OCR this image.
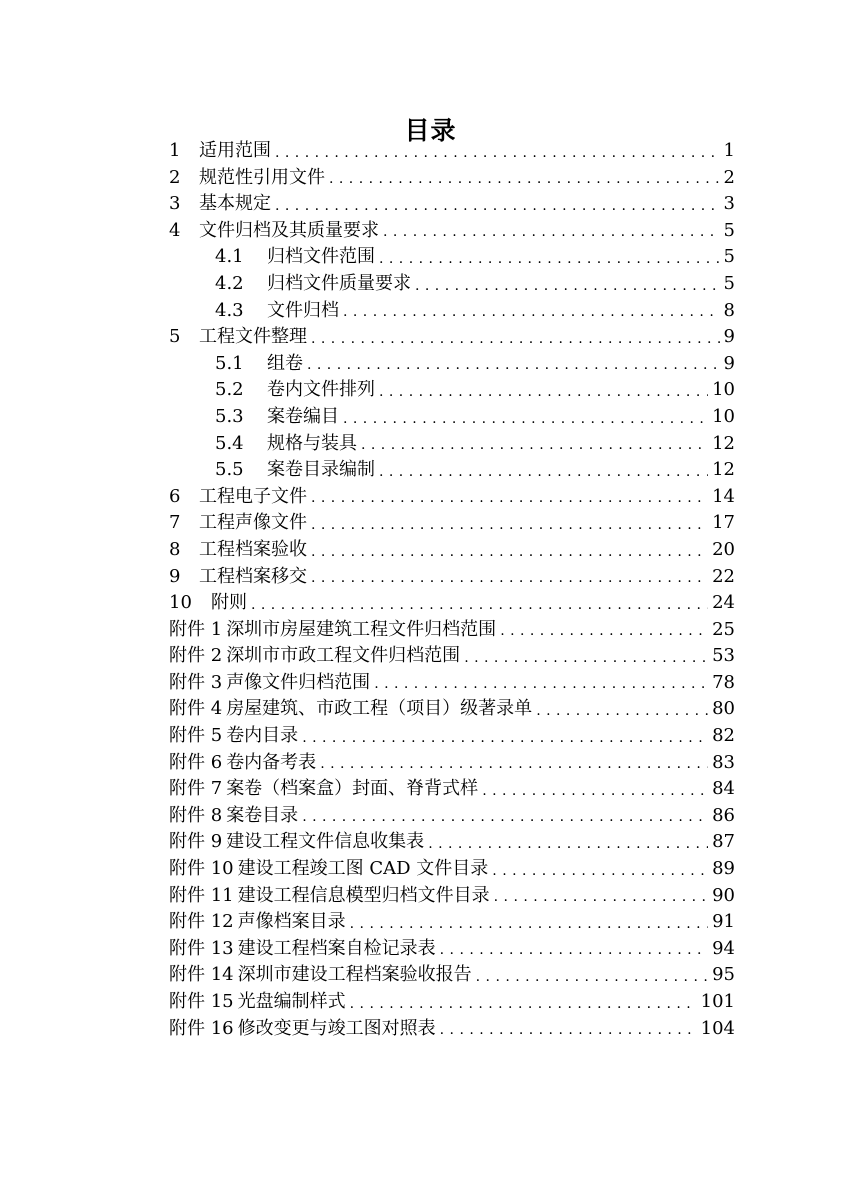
目录
1	适用范围 . . .	1
2	规范性引用文件 . . .	2
3	基本规定 . . .	3
4	文件归档及其质量要求 . . .	5
4.1	归档文件范围 . . .	5
4.2	归档文件质量要求 . . .	5
4.3	文件归档 . . .	8
5	工程文件整理 . . .	9
5.1	组卷 . . .	9
5.2	卷内文件排列 . . .	10
5.3	案卷编目 . . .	10
5.4	规格与装具 . . .	12
5.5	案卷目录编制 . . .	12
6	工程电子文件 . . .	14
7	工程声像文件 . . .	17
8	工程档案验收 . . .	20
9	工程档案移交 . . .	22
10	附则 . . .	24
附件 1 深圳市房屋建筑工程文件归档范围 . . .	25
附件 2 深圳市市政工程文件归档范围 . . .	53
附件 3 声像文件归档范围 . . .	78
附件 4 房屋建筑、市政工程（项目）级著录单 . . .	80
附件 5 卷内目录 . . .	82
附件 6 卷内备考表 . . .	83
附件 7 案卷（档案盒）封面、脊背式样 . . .	84
附件 8 案卷目录 . . .	86
附件 9 建设工程文件信息收集表 . . .	87
附件 10 建设工程竣工图 CAD 文件目录 . . .	89
附件 11 建设工程信息模型归档文件目录 . . .	90
附件 12 声像档案目录 . . .	91
附件 13 建设工程档案自检记录表 . . .	94
附件 14 深圳市建设工程档案验收报告 . . .	95
附件 15 光盘编制样式 . . .	101
附件 16 修改变更与竣工图对照表 . . .	104
